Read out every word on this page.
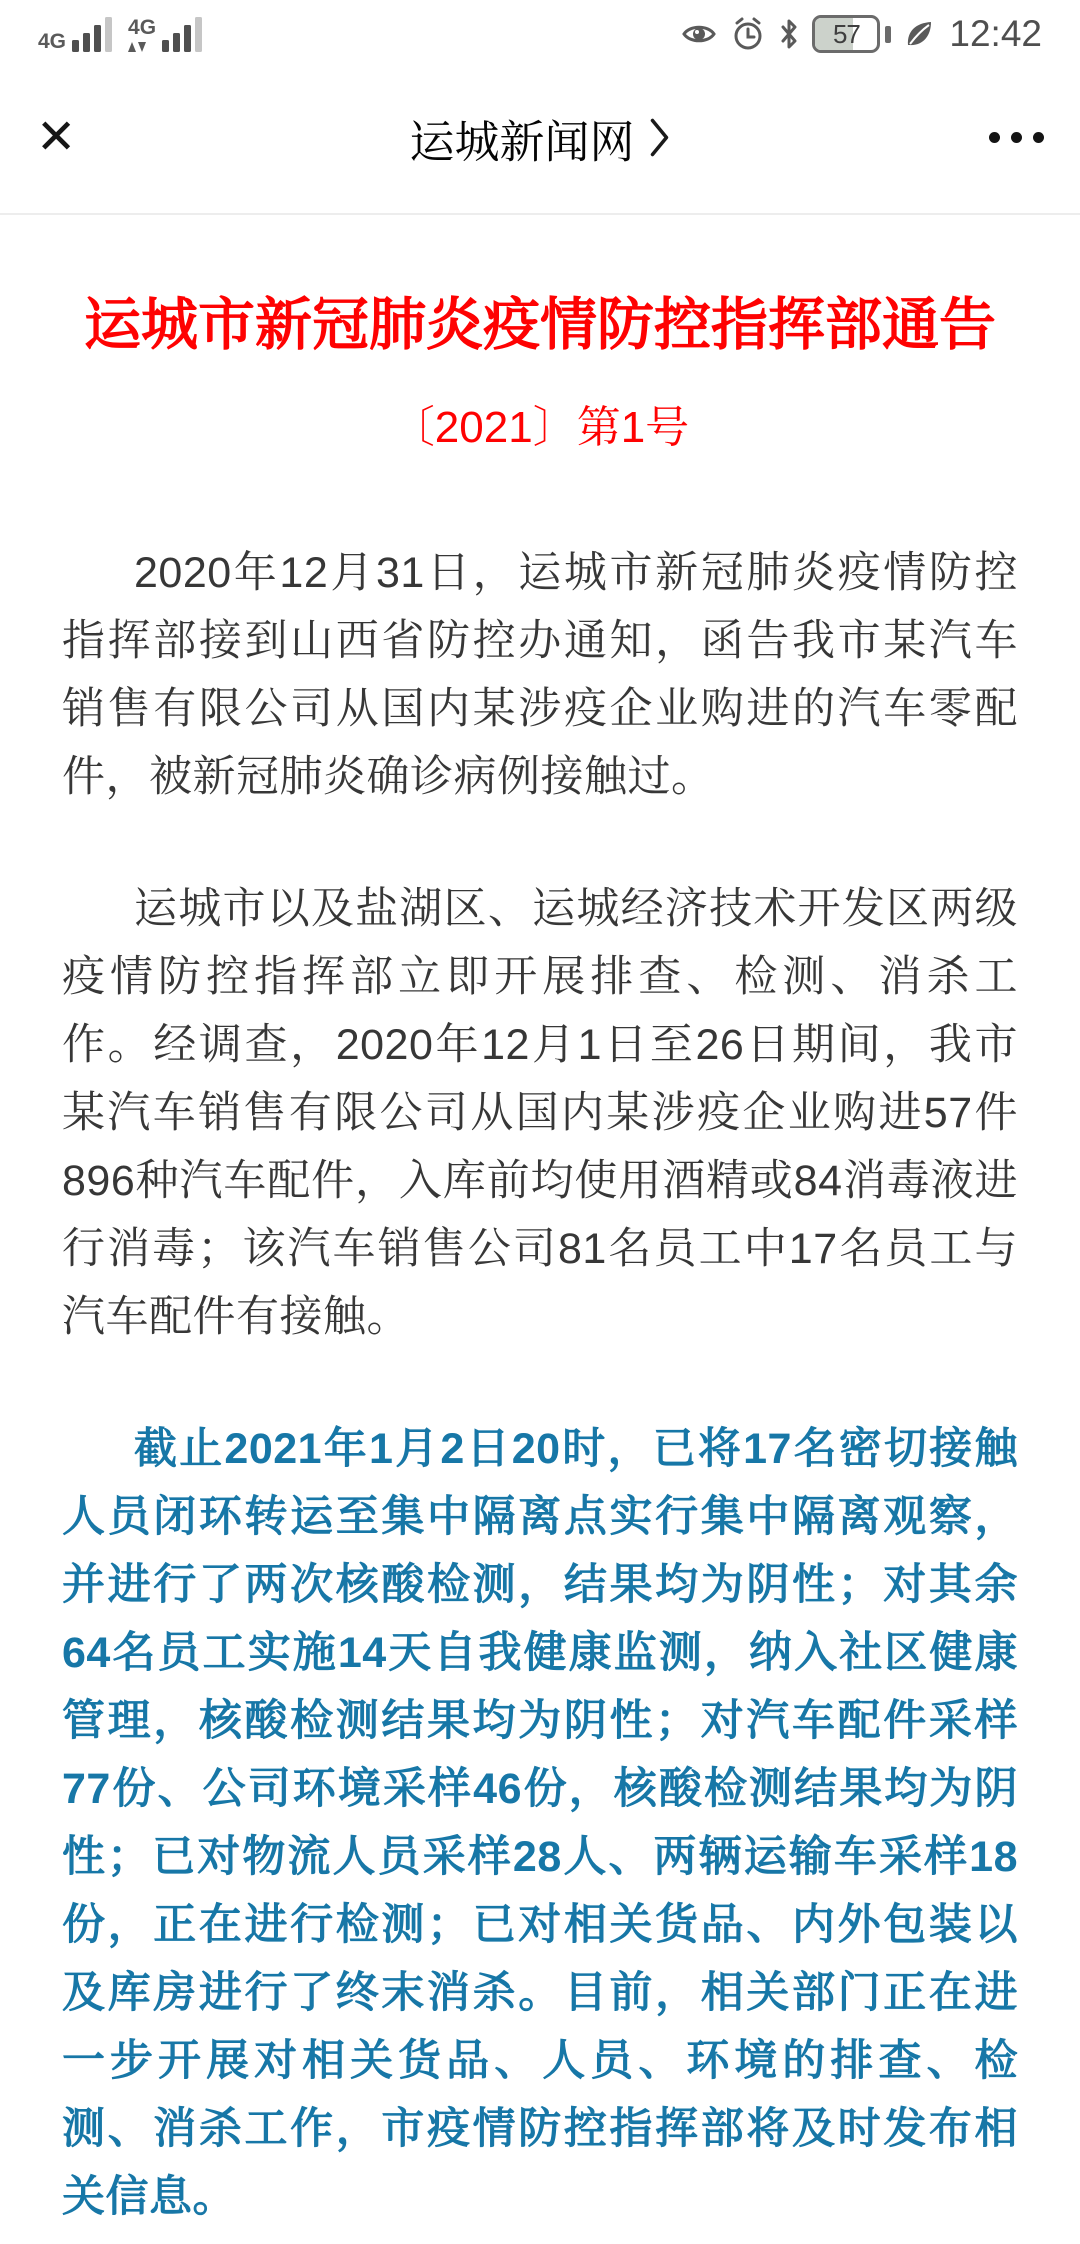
4G
4G	57 12:42
✕	运城新闻网
运城市新冠肺炎疫情防控指挥部通告
〔2021〕第1号

2020年12月31日，运城市新冠肺炎疫情防控指挥部接到山西省防控办通知，函告我市某汽车销售有限公司从国内某涉疫企业购进的汽车零配件，被新冠肺炎确诊病例接触过。

运城市以及盐湖区、运城经济技术开发区两级疫情防控指挥部立即开展排查、检测、消杀工作。经调查，2020年12月1日至26日期间，我市某汽车销售有限公司从国内某涉疫企业购进57件896种汽车配件，入库前均使用酒精或84消毒液进行消毒；该汽车销售公司81名员工中17名员工与汽车配件有接触。

截止2021年1月2日20时，已将17名密切接触人员闭环转运至集中隔离点实行集中隔离观察，并进行了两次核酸检测，结果均为阴性；对其余64名员工实施14天自我健康监测，纳入社区健康管理，核酸检测结果均为阴性；对汽车配件采样77份、公司环境采样46份，核酸检测结果均为阴性；已对物流人员采样28人、两辆运输车采样18份，正在进行检测；已对相关货品、内外包装以及库房进行了终末消杀。目前，相关部门正在进一步开展对相关货品、人员、环境的排查、检测、消杀工作，市疫情防控指挥部将及时发布相关信息。
